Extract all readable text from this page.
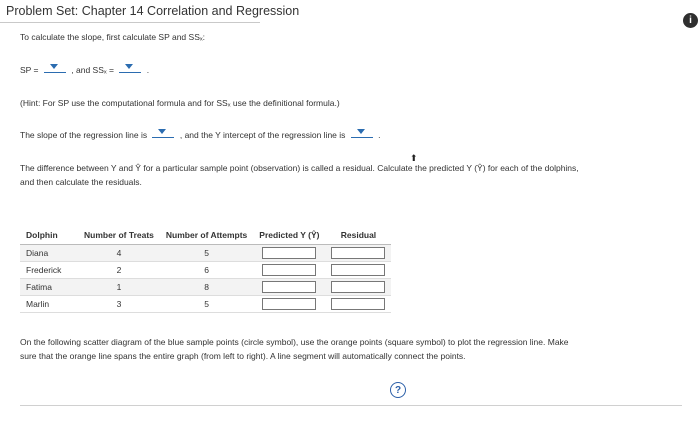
Problem Set: Chapter 14 Correlation and Regression
i
To calculate the slope, first calculate SP and SSₓ:
SP =	, and SSₓ =	.
(Hint: For SP use the computational formula and for SSₓ use the definitional formula.)
The slope of the regression line is	, and the Y intercept of the regression line is	.
⬆
The difference between Y and Ŷ for a particular sample point (observation) is called a residual. Calculate the predicted Y (Ŷ) for each of the dolphins,
and then calculate the residuals.
Dolphin	Number of Treats	Number of Attempts	Predicted Y (Ŷ)	Residual
Diana	4	5	

Frederick	2	6	

Fatima	1	8	

Marlin	3	5	

On the following scatter diagram of the blue sample points (circle symbol), use the orange points (square symbol) to plot the regression line. Make
sure that the orange line spans the entire graph (from left to right). A line segment will automatically connect the points.
?
